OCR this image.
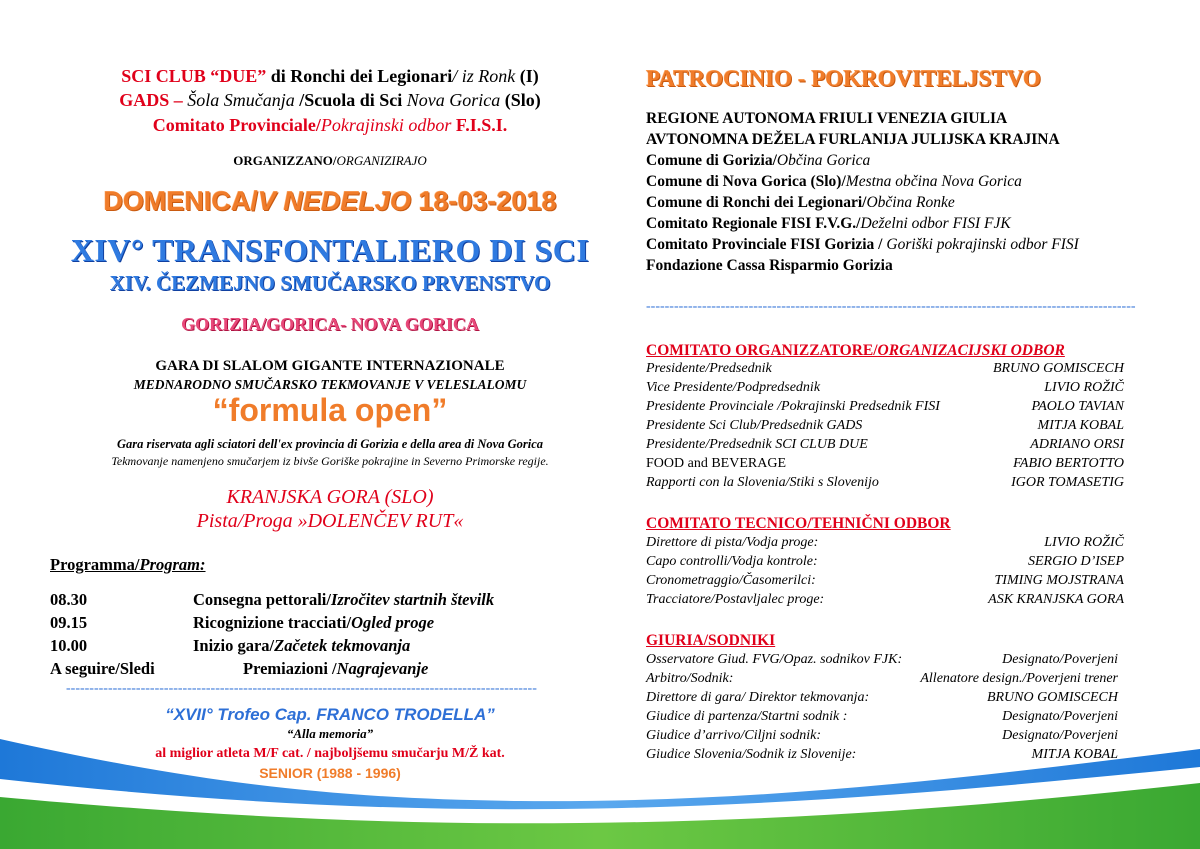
SCI CLUB “DUE” di Ronchi dei Legionari/ iz Ronk (I)
GADS – Šola Smučanja /Scuola di Sci Nova Gorica (Slo)
Comitato Provinciale/Pokrajinski odbor F.I.S.I.
ORGANIZZANO/ORGANIZIRAJO
DOMENICA/V NEDELJO 18-03-2018
XIV° TRANSFONTALIERO DI SCI
XIV. ČEZMEJNO SMUČARSKO PRVENSTVO
GORIZIA/GORICA- NOVA GORICA
GARA DI SLALOM GIGANTE INTERNAZIONALE
MEDNARODNO SMUČARSKO TEKMOVANJE V VELESLALOMU
“formula open”
Gara riservata agli sciatori dell'ex provincia di Gorizia e della area di Nova Gorica
Tekmovanje namenjeno smučarjem iz bivše Goriške pokrajine in Severno Primorske regije.
KRANJSKA GORA (SLO)
Pista/Proga »DOLENČEV RUT«
Programma/Program:
08.30	Consegna pettorali/Izročitev startnih številk
09.15	Ricognizione tracciati/Ogled proge
10.00	Inizio gara/Začetek tekmovanja
A seguire/Sledi	Premiazioni /Nagrajevanje
-----------------------------------------------------------------------------------------------------
“XVII° Trofeo Cap. FRANCO TRODELLA”
“Alla memoria”
al miglior atleta M/F cat. / najboljšemu smučarju M/Ž kat.
SENIOR (1988 - 1996)
PATROCINIO - POKROVITELJSTVO
REGIONE AUTONOMA FRIULI VENEZIA GIULIA
AVTONOMNA DEŽELA FURLANIJA JULIJSKA KRAJINA
Comune di Gorizia/Občina Gorica
Comune di Nova Gorica (Slo)/Mestna občina Nova Gorica
Comune di Ronchi dei Legionari/Občina Ronke
Comitato Regionale FISI F.V.G./Deželni odbor FISI FJK
Comitato Provinciale FISI Gorizia / Goriški pokrajinski odbor FISI
Fondazione Cassa Risparmio Gorizia
---------------------------------------------------------------------------------------------------------
COMITATO ORGANIZZATORE/ORGANIZACIJSKI ODBOR
Presidente/Predsednik	BRUNO GOMISCECH
Vice Presidente/Podpredsednik	LIVIO ROŽIČ
Presidente Provinciale /Pokrajinski Predsednik FISI	PAOLO TAVIAN
Presidente Sci Club/Predsednik GADS	MITJA KOBAL
Presidente/Predsednik SCI CLUB DUE	ADRIANO ORSI
FOOD and BEVERAGE	FABIO BERTOTTO
Rapporti con la Slovenia/Stiki s Slovenijo	IGOR TOMASETIG
COMITATO TECNICO/TEHNIČNI ODBOR
Direttore di pista/Vodja proge:	LIVIO ROŽIČ
Capo controlli/Vodja kontrole:	SERGIO D’ISEP
Cronometraggio/Časomerilci:	TIMING MOJSTRANA
Tracciatore/Postavljalec proge:	ASK KRANJSKA GORA
GIURIA/SODNIKI
Osservatore Giud. FVG/Opaz. sodnikov FJK:	Designato/Poverjeni
Arbitro/Sodnik:	Allenatore design./Poverjeni trener
Direttore di gara/ Direktor tekmovanja:	BRUNO GOMISCECH
Giudice di partenza/Startni sodnik :	Designato/Poverjeni
Giudice d’arrivo/Ciljni sodnik:	Designato/Poverjeni
Giudice Slovenia/Sodnik iz Slovenije:	MITJA KOBAL
